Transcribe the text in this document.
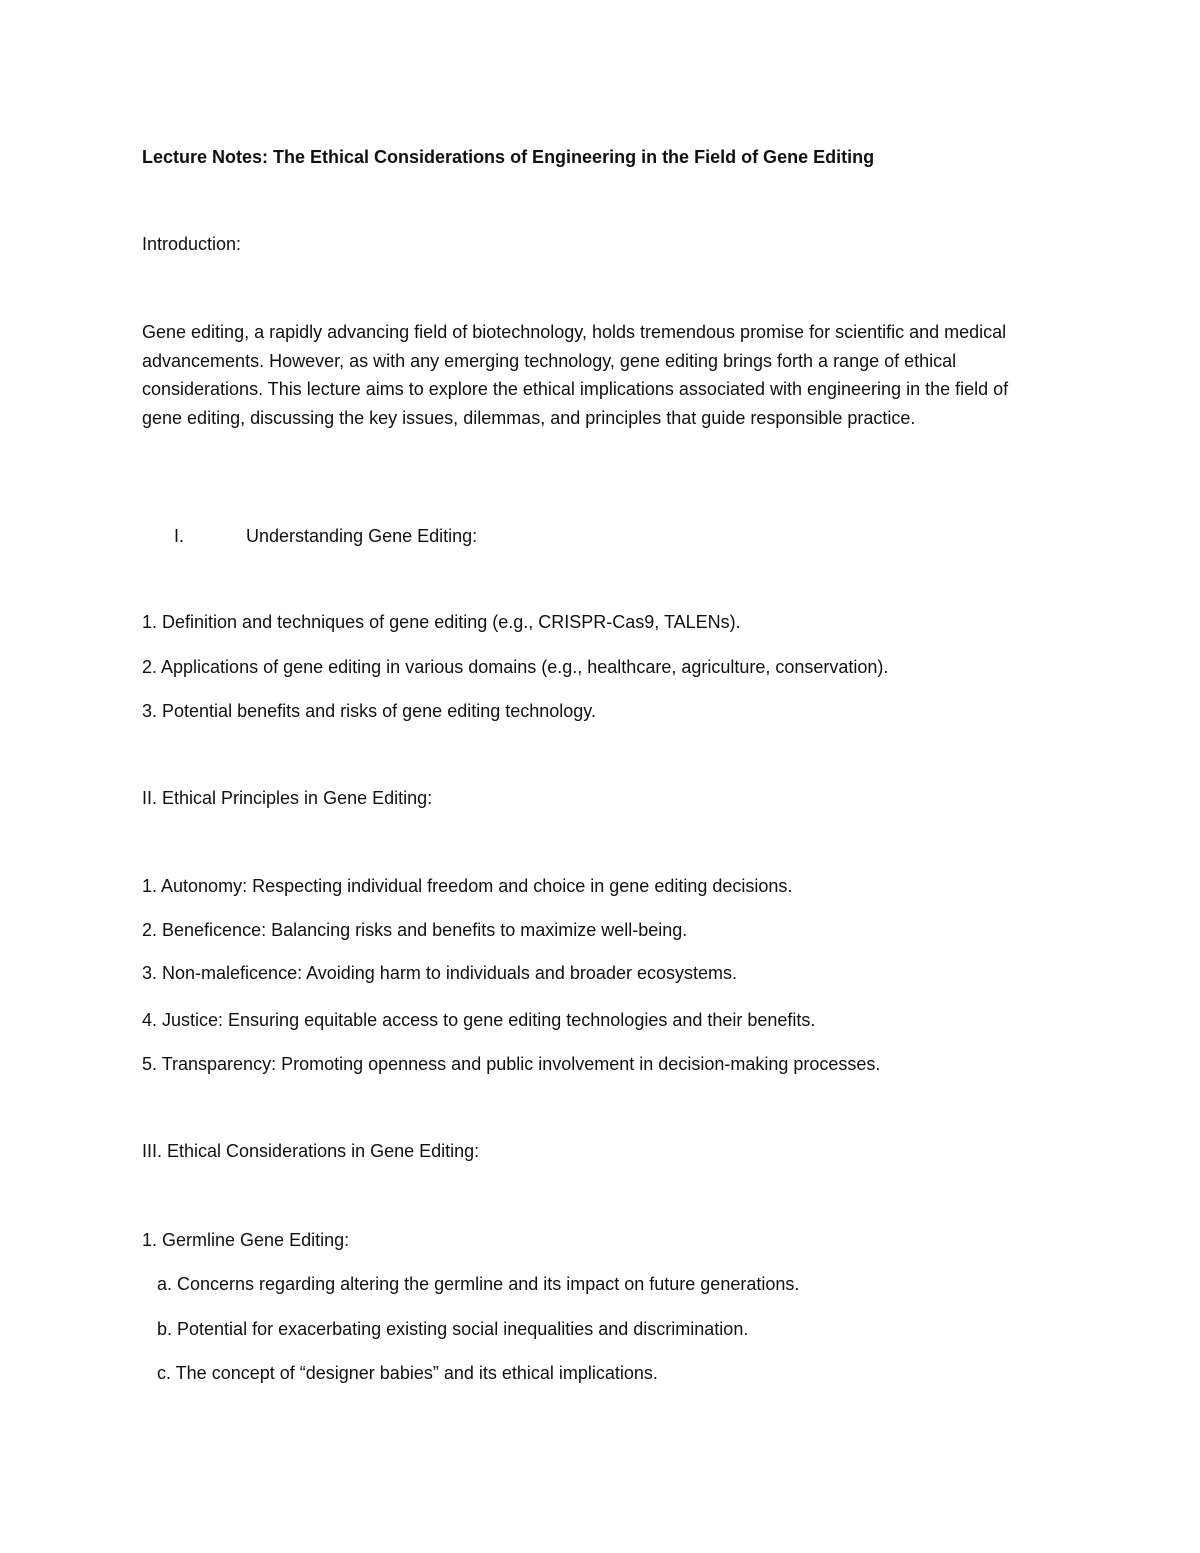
Lecture Notes: The Ethical Considerations of Engineering in the Field of Gene Editing
Introduction:
Gene editing, a rapidly advancing field of biotechnology, holds tremendous promise for scientific and medical advancements. However, as with any emerging technology, gene editing brings forth a range of ethical considerations. This lecture aims to explore the ethical implications associated with engineering in the field of gene editing, discussing the key issues, dilemmas, and principles that guide responsible practice.
I.	Understanding Gene Editing:
1. Definition and techniques of gene editing (e.g., CRISPR-Cas9, TALENs).
2. Applications of gene editing in various domains (e.g., healthcare, agriculture, conservation).
3. Potential benefits and risks of gene editing technology.
II. Ethical Principles in Gene Editing:
1. Autonomy: Respecting individual freedom and choice in gene editing decisions.
2. Beneficence: Balancing risks and benefits to maximize well-being.
3. Non-maleficence: Avoiding harm to individuals and broader ecosystems.
4. Justice: Ensuring equitable access to gene editing technologies and their benefits.
5. Transparency: Promoting openness and public involvement in decision-making processes.
III. Ethical Considerations in Gene Editing:
1. Germline Gene Editing:
a. Concerns regarding altering the germline and its impact on future generations.
b. Potential for exacerbating existing social inequalities and discrimination.
c. The concept of “designer babies” and its ethical implications.
